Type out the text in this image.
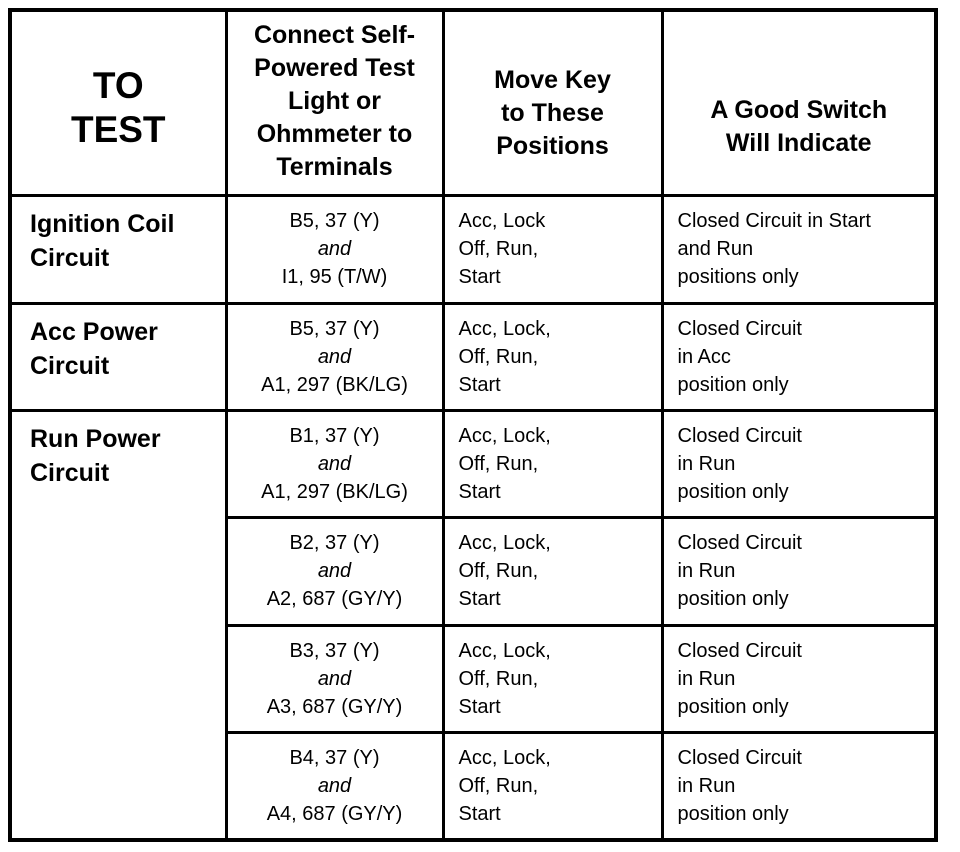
TO
TEST	Connect Self-
Powered Test
Light or
Ohmmeter to
Terminals	Move Key
to These
Positions	A Good Switch
Will Indicate

Ignition Coil
Circuit	B5, 37 (Y)
and
I1, 95 (T/W)	Acc, Lock
Off, Run,
Start	Closed Circuit in Start
and Run
positions only

Acc Power
Circuit	B5, 37 (Y)
and
A1, 297 (BK/LG)	Acc, Lock,
Off, Run,
Start	Closed Circuit
in Acc
position only

Run Power
Circuit	B1, 37 (Y)
and
A1, 297 (BK/LG)	Acc, Lock,
Off, Run,
Start	Closed Circuit
in Run
position only

	B2, 37 (Y)
and
A2, 687 (GY/Y)	Acc, Lock,
Off, Run,
Start	Closed Circuit
in Run
position only

	B3, 37 (Y)
and
A3, 687 (GY/Y)	Acc, Lock,
Off, Run,
Start	Closed Circuit
in Run
position only

	B4, 37 (Y)
and
A4, 687 (GY/Y)	Acc, Lock,
Off, Run,
Start	Closed Circuit
in Run
position only
